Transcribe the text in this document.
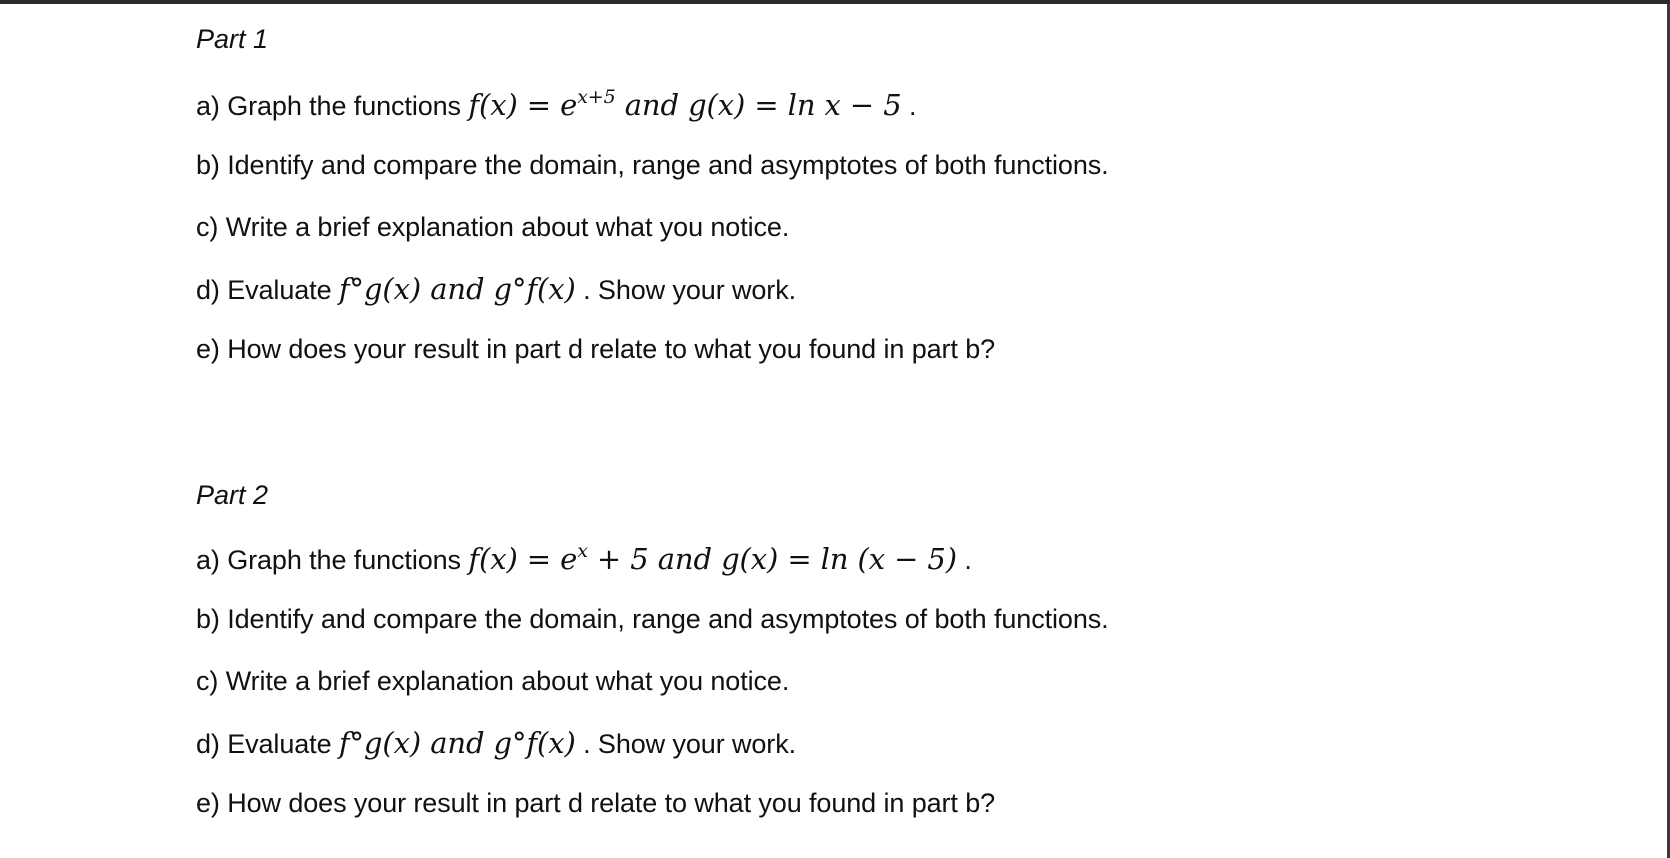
Part 1
a) Graph the functions $f(x) = e^{x+5}$ and g(x) = ln x − 5 .
b) Identify and compare the domain, range and asymptotes of both functions.
c) Write a brief explanation about what you notice.
d) Evaluate f°g(x) and g°f(x) . Show your work.
e) How does your result in part d relate to what you found in part b?
Part 2
a) Graph the functions $f(x) = e^x + 5$ and g(x) = ln (x − 5) .
b) Identify and compare the domain, range and asymptotes of both functions.
c) Write a brief explanation about what you notice.
d) Evaluate f°g(x) and g°f(x) . Show your work.
e) How does your result in part d relate to what you found in part b?
